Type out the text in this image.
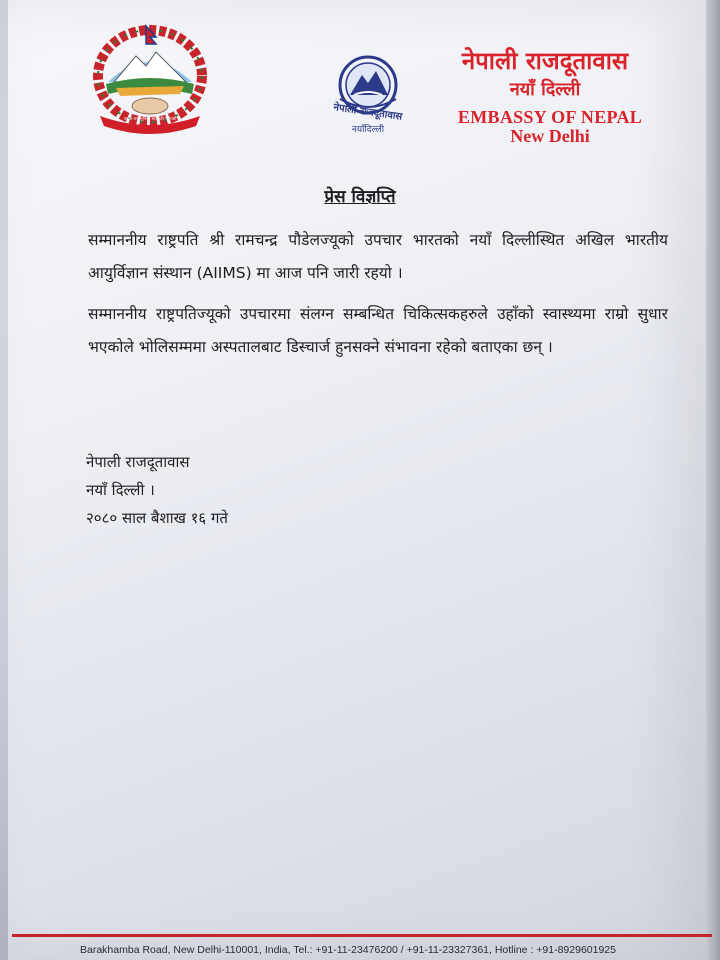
जननी जन्मभूमिश्च स्वर्गादपि गरीयसी	नेपाली राजदूतावास
नयाँदिल्ली
नेपाली राजदूतावास
नयाँ दिल्ली
EMBASSY OF NEPAL
New Delhi
प्रेस विज्ञप्ति
सम्माननीय राष्ट्रपति श्री रामचन्द्र पौडेलज्यूको उपचार भारतको नयाँ दिल्लीस्थित अखिल भारतीय आयुर्विज्ञान संस्थान (AIIMS) मा आज पनि जारी रहयो ।
सम्माननीय राष्ट्रपतिज्यूको उपचारमा संलग्न सम्बन्धित चिकित्सकहरुले उहाँको स्वास्थ्यमा राम्रो सुधार भएकोले भोलिसम्ममा अस्पतालबाट डिस्चार्ज हुनसक्ने संभावना रहेको बताएका छन् ।
नेपाली राजदूतावास
नयाँ दिल्ली ।
२०८० साल बैशाख १६ गते
Barakhamba Road, New Delhi-110001, India, Tel.: +91-11-23476200 / +91-11-23327361, Hotline : +91-8929601925
